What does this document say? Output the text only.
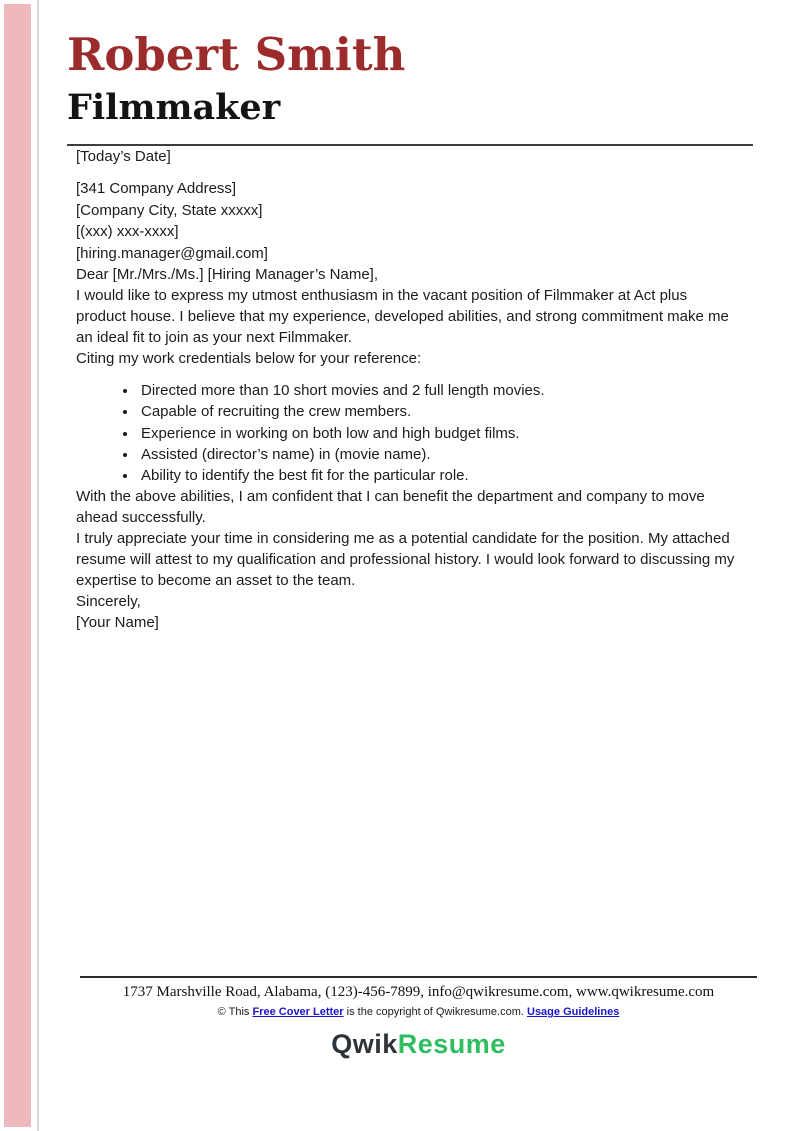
Robert Smith
Filmmaker

[Today’s Date]

[341 Company Address]

[Company City, State xxxxx]

[(xxx) xxx-xxxx]

[hiring.manager@gmail.com]

Dear [Mr./Mrs./Ms.] [Hiring Manager’s Name],

I would like to express my utmost enthusiasm in the vacant position of Filmmaker at Act plus product house. I believe that my experience, developed abilities, and strong commitment make me an ideal fit to join as your next Filmmaker.

Citing my work credentials below for your reference:

• Directed more than 10 short movies and 2 full length movies.
• Capable of recruiting the crew members.
• Experience in working on both low and high budget films.
• Assisted (director’s name) in (movie name).
• Ability to identify the best fit for the particular role.

With the above abilities, I am confident that I can benefit the department and company to move ahead successfully.

I truly appreciate your time in considering me as a potential candidate for the position. My attached resume will attest to my qualification and professional history. I would look forward to discussing my expertise to become an asset to the team.

Sincerely,

[Your Name]

1737 Marshville Road, Alabama, (123)-456-7899, info@qwikresume.com, www.qwikresume.com

© This Free Cover Letter is the copyright of Qwikresume.com. Usage Guidelines

QwikResume
